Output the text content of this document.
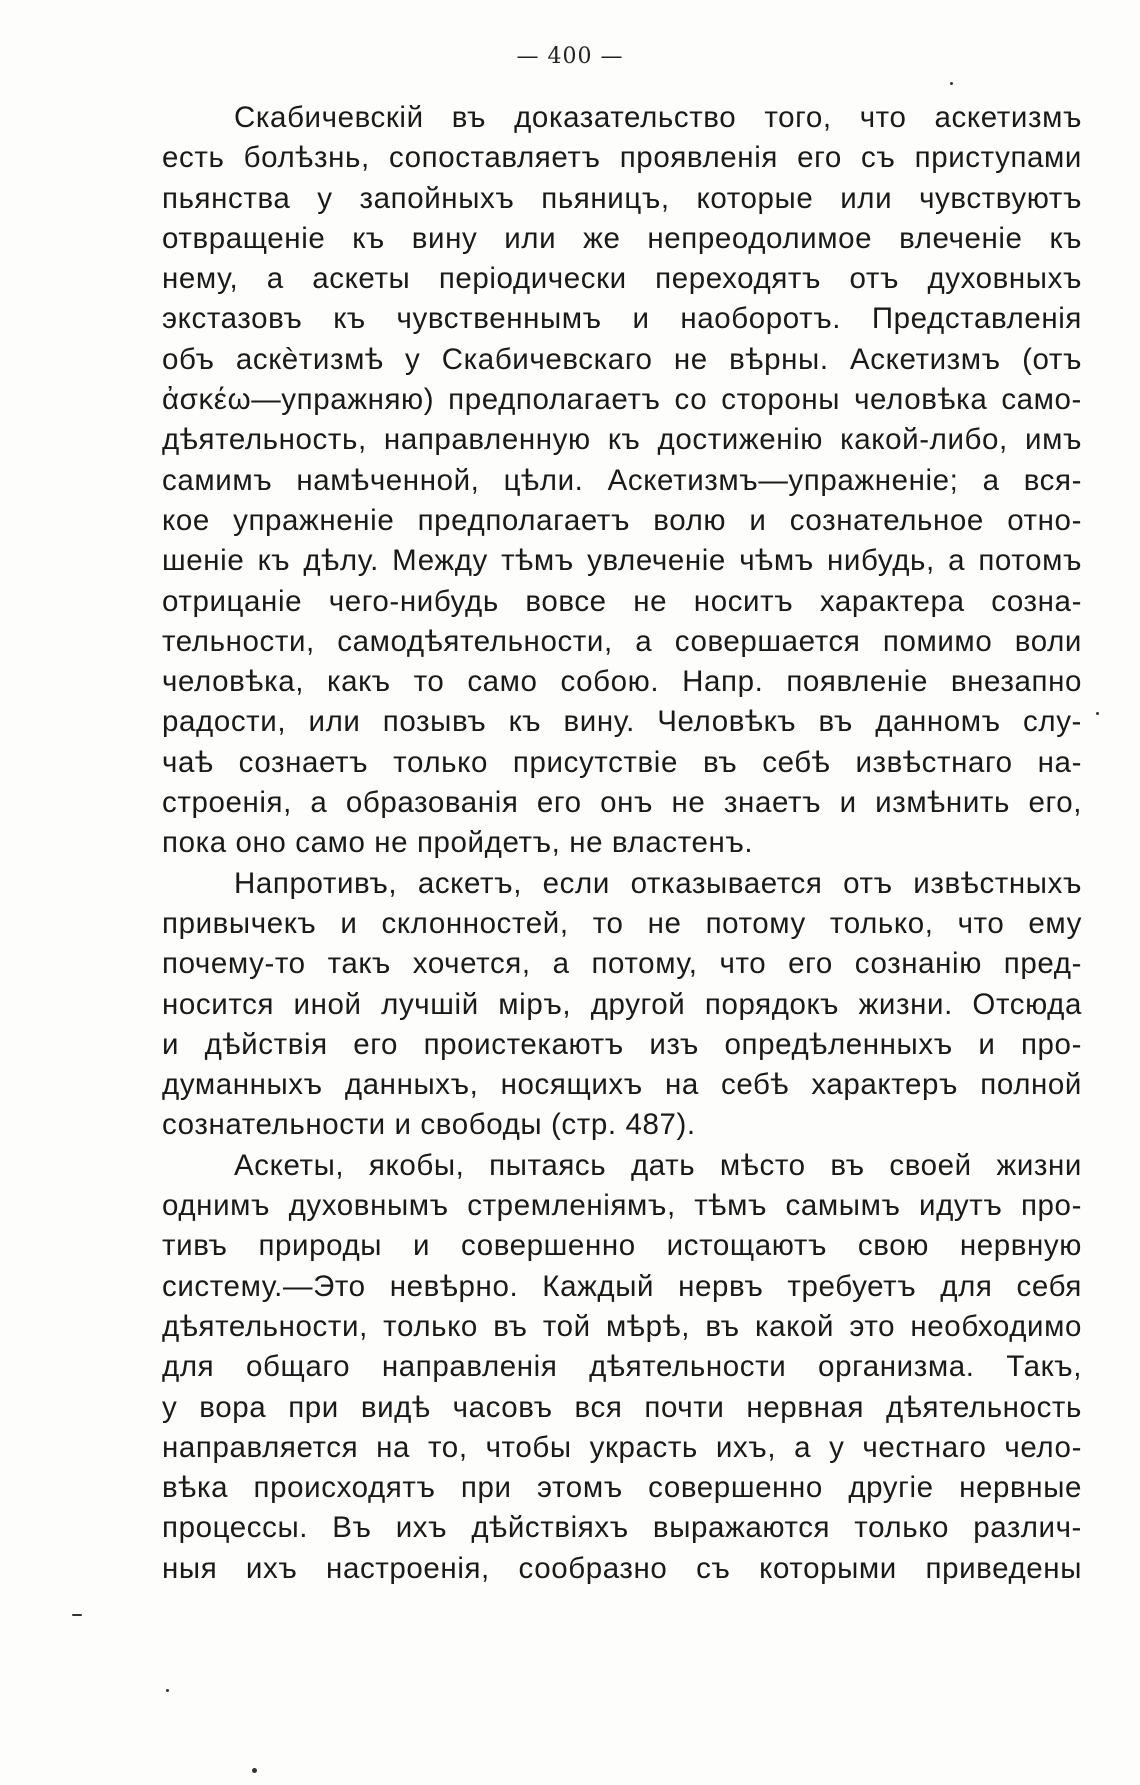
— 400 —
Скабичевскій въ доказательство того, что аскетизмъ
есть болѣзнь, сопоставляетъ проявленія его съ приступами
пьянства у запойныхъ пьяницъ, которые или чувствуютъ
отвращеніе къ вину или же непреодолимое влеченіе къ
нему, а аскеты періодически переходятъ отъ духовныхъ
экстазовъ къ чувственнымъ и наоборотъ. Представленія
объ аскѐтизмѣ у Скабичевскаго не вѣрны. Аскетизмъ (отъ
ἀσκέω—упражняю) предполагаетъ со стороны человѣка само-
дѣятельность, направленную къ достиженію какой-либо, имъ
самимъ намѣченной, цѣли. Аскетизмъ—упражненіе; а вся-
кое упражненіе предполагаетъ волю и сознательное отно-
шеніе къ дѣлу. Между тѣмъ увлеченіе чѣмъ нибудь, а потомъ
отрицаніе чего-нибудь вовсе не носитъ характера созна-
тельности, самодѣятельности, а совершается помимо воли
человѣка, какъ то само собою. Напр. появленіе внезапно
радости, или позывъ къ вину. Человѣкъ въ данномъ слу-
чаѣ сознаетъ только присутствіе въ себѣ извѣстнаго на-
строенія, а образованія его онъ не знаетъ и измѣнить его,
пока оно само не пройдетъ, не властенъ.
Напротивъ, аскетъ, если отказывается отъ извѣстныхъ
привычекъ и склонностей, то не потому только, что ему
почему-то такъ хочется, а потому, что его сознанію пред-
носится иной лучшій міръ, другой порядокъ жизни. Отсюда
и дѣйствія его проистекаютъ изъ опредѣленныхъ и про-
думанныхъ данныхъ, носящихъ на себѣ характеръ полной
сознательности и свободы (стр. 487).
Аскеты, якобы, пытаясь дать мѣсто въ своей жизни
однимъ духовнымъ стремленіямъ, тѣмъ самымъ идутъ про-
тивъ природы и совершенно истощаютъ свою нервную
систему.—Это невѣрно. Каждый нервъ требуетъ для себя
дѣятельности, только въ той мѣрѣ, въ какой это необходимо
для общаго направленія дѣятельности организма. Такъ,
у вора при видѣ часовъ вся почти нервная дѣятельность
направляется на то, чтобы украсть ихъ, а у честнаго чело-
вѣка происходятъ при этомъ совершенно другіе нервные
процессы. Въ ихъ дѣйствіяхъ выражаются только различ-
ныя ихъ настроенія, сообразно съ которыми приведены
